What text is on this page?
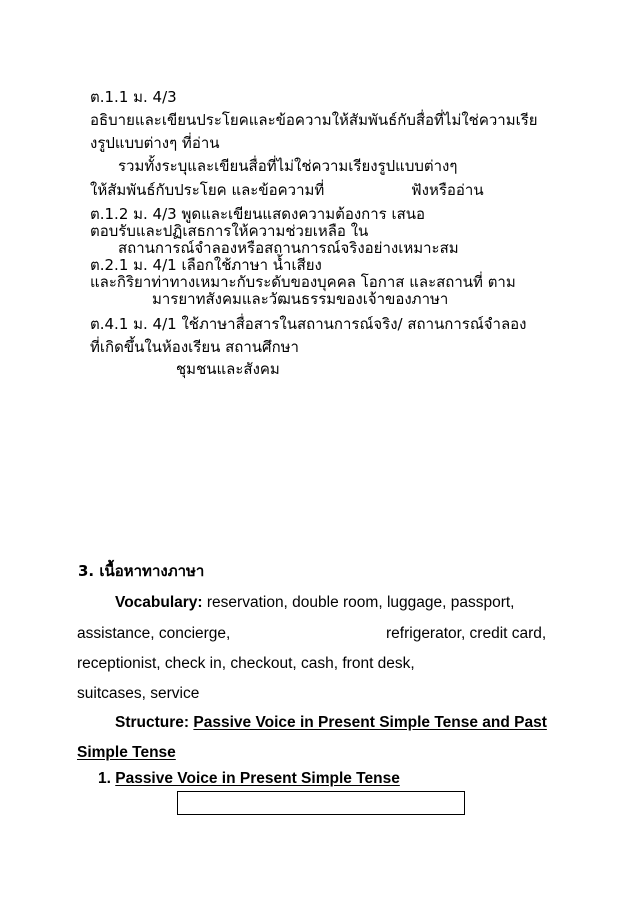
ต.1.1 ม. 4/3
อธิบายและเขียนประโยคและข้อความให้สัมพันธ์กับสื่อที่ไม่ใช่ความเรีย
งรูปแบบต่างๆ ที่อ่าน
รวมทั้งระบุและเขียนสื่อที่ไม่ใช่ความเรียงรูปแบบต่างๆ
ให้สัมพันธ์กับประโยค และข้อความที่	ฟังหรืออ่าน
ต.1.2 ม. 4/3 พูดและเขียนแสดงความต้องการ เสนอ
ตอบรับและปฏิเสธการให้ความช่วยเหลือ ใน
สถานการณ์จำลองหรือสถานการณ์จริงอย่างเหมาะสม
ต.2.1 ม. 4/1 เลือกใช้ภาษา น้ำเสียง
และกิริยาท่าทางเหมาะกับระดับของบุคคล โอกาส และสถานที่ ตาม
มารยาทสังคมและวัฒนธรรมของเจ้าของภาษา
ต.4.1 ม. 4/1 ใช้ภาษาสื่อสารในสถานการณ์จริง/ สถานการณ์จำลอง
ที่เกิดขึ้นในห้องเรียน สถานศึกษา
ชุมชนและสังคม
3. เนื้อหาทางภาษา
Vocabulary: reservation, double room, luggage, passport,
assistance, concierge,	refrigerator, credit card,
receptionist, check in, checkout, cash, front desk,
suitcases, service
Structure: Passive Voice in Present Simple Tense and Past
Simple Tense
1. Passive Voice in Present Simple Tense
